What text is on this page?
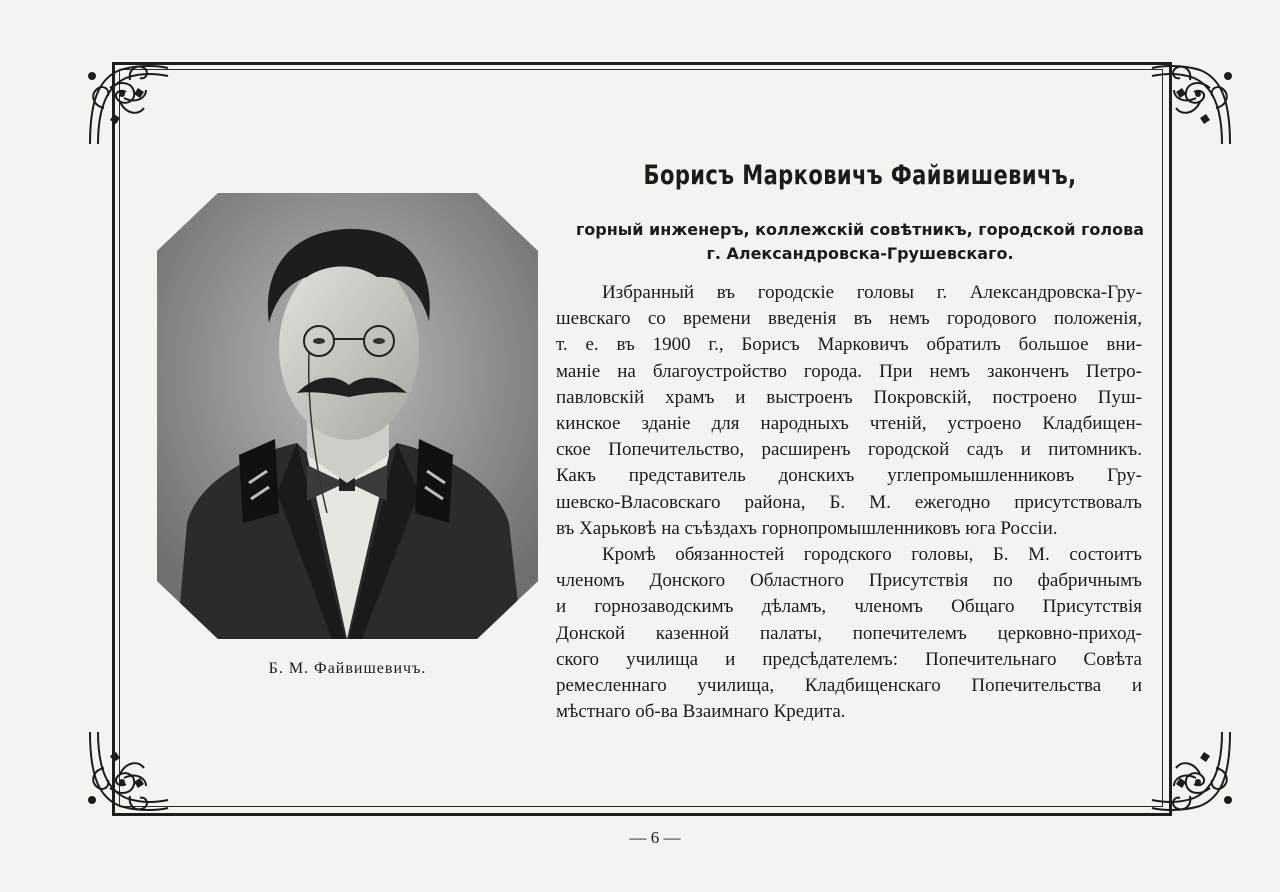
Б. М. Файвишевичъ.
Борисъ Марковичъ Файвишевичъ,
горный инженеръ, коллежскій совѣтникъ, городской голова
г. Александровска-Грушевскаго.
Избранный въ городскіе головы г. Александровска-Гру-
шевскаго со времени введенія въ немъ городового положенія,
т. е. въ 1900 г., Борисъ Марковичъ обратилъ большое вни-
маніе на благоустройство города. При немъ законченъ Петро-
павловскій храмъ и выстроенъ Покровскій, построено Пуш-
кинское зданіе для народныхъ чтеній, устроено Кладбищен-
ское Попечительство, расширенъ городской садъ и питомникъ.
Какъ представитель донскихъ углепромышленниковъ Гру-
шевско-Власовскаго района, Б. М. ежегодно присутствовалъ
въ Харьковѣ на съѣздахъ горнопромышленниковъ юга Россіи.
Кромѣ обязанностей городского головы, Б. М. состоитъ
членомъ Донского Областного Присутствія по фабричнымъ
и горнозаводскимъ дѣламъ, членомъ Общаго Присутствія
Донской казенной палаты, попечителемъ церковно-приход-
ского училища и предсѣдателемъ: Попечительнаго Совѣта
ремесленнаго училища, Кладбищенскаго Попечительства и
мѣстнаго об-ва Взаимнаго Кредита.
— 6 —
